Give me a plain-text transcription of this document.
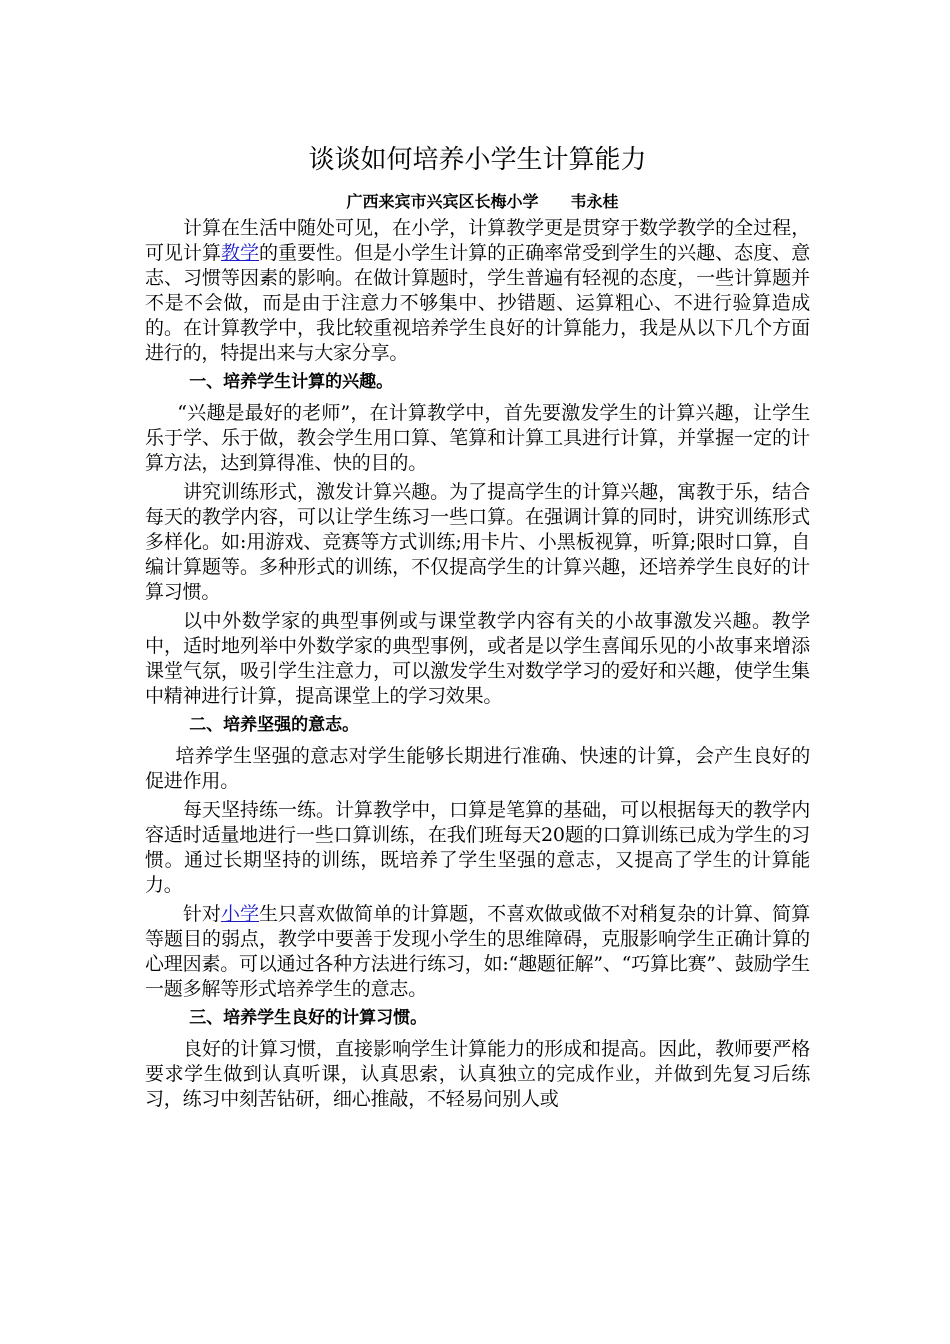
谈谈如何培养小学生计算能力
广西来宾市兴宾区长梅小学　　韦永桂

计算在生活中随处可见，在小学，计算教学更是贯穿于数学教学的全过程，可见计算教学的重要性。但是小学生计算的正确率常受到学生的兴趣、态度、意志、习惯等因素的影响。在做计算题时，学生普遍有轻视的态度，一些计算题并不是不会做，而是由于注意力不够集中、抄错题、运算粗心、不进行验算造成的。在计算教学中，我比较重视培养学生良好的计算能力，我是从以下几个方面进行的，特提出来与大家分享。

一、培养学生计算的兴趣。

“兴趣是最好的老师”，在计算教学中，首先要激发学生的计算兴趣，让学生乐于学、乐于做，教会学生用口算、笔算和计算工具进行计算，并掌握一定的计算方法，达到算得准、快的目的。

讲究训练形式，激发计算兴趣。为了提高学生的计算兴趣，寓教于乐，结合每天的教学内容，可以让学生练习一些口算。在强调计算的同时，讲究训练形式多样化。如:用游戏、竞赛等方式训练;用卡片、小黑板视算，听算;限时口算，自编计算题等。多种形式的训练，不仅提高学生的计算兴趣，还培养学生良好的计算习惯。

以中外数学家的典型事例或与课堂教学内容有关的小故事激发兴趣。教学中，适时地列举中外数学家的典型事例，或者是以学生喜闻乐见的小故事来增添课堂气氛，吸引学生注意力，可以激发学生对数学学习的爱好和兴趣，使学生集中精神进行计算，提高课堂上的学习效果。

二、培养坚强的意志。

培养学生坚强的意志对学生能够长期进行准确、快速的计算，会产生良好的促进作用。

每天坚持练一练。计算教学中，口算是笔算的基础，可以根据每天的教学内容适时适量地进行一些口算训练，在我们班每天20题的口算训练已成为学生的习惯。通过长期坚持的训练，既培养了学生坚强的意志，又提高了学生的计算能力。

针对小学生只喜欢做简单的计算题，不喜欢做或做不对稍复杂的计算、简算等题目的弱点，教学中要善于发现小学生的思维障碍，克服影响学生正确计算的心理因素。可以通过各种方法进行练习，如:“趣题征解”、“巧算比赛”、鼓励学生一题多解等形式培养学生的意志。

三、培养学生良好的计算习惯。

良好的计算习惯，直接影响学生计算能力的形成和提高。因此，教师要严格要求学生做到认真听课，认真思索，认真独立的完成作业，并做到先复习后练习，练习中刻苦钻研，细心推敲，不轻易问别人或
